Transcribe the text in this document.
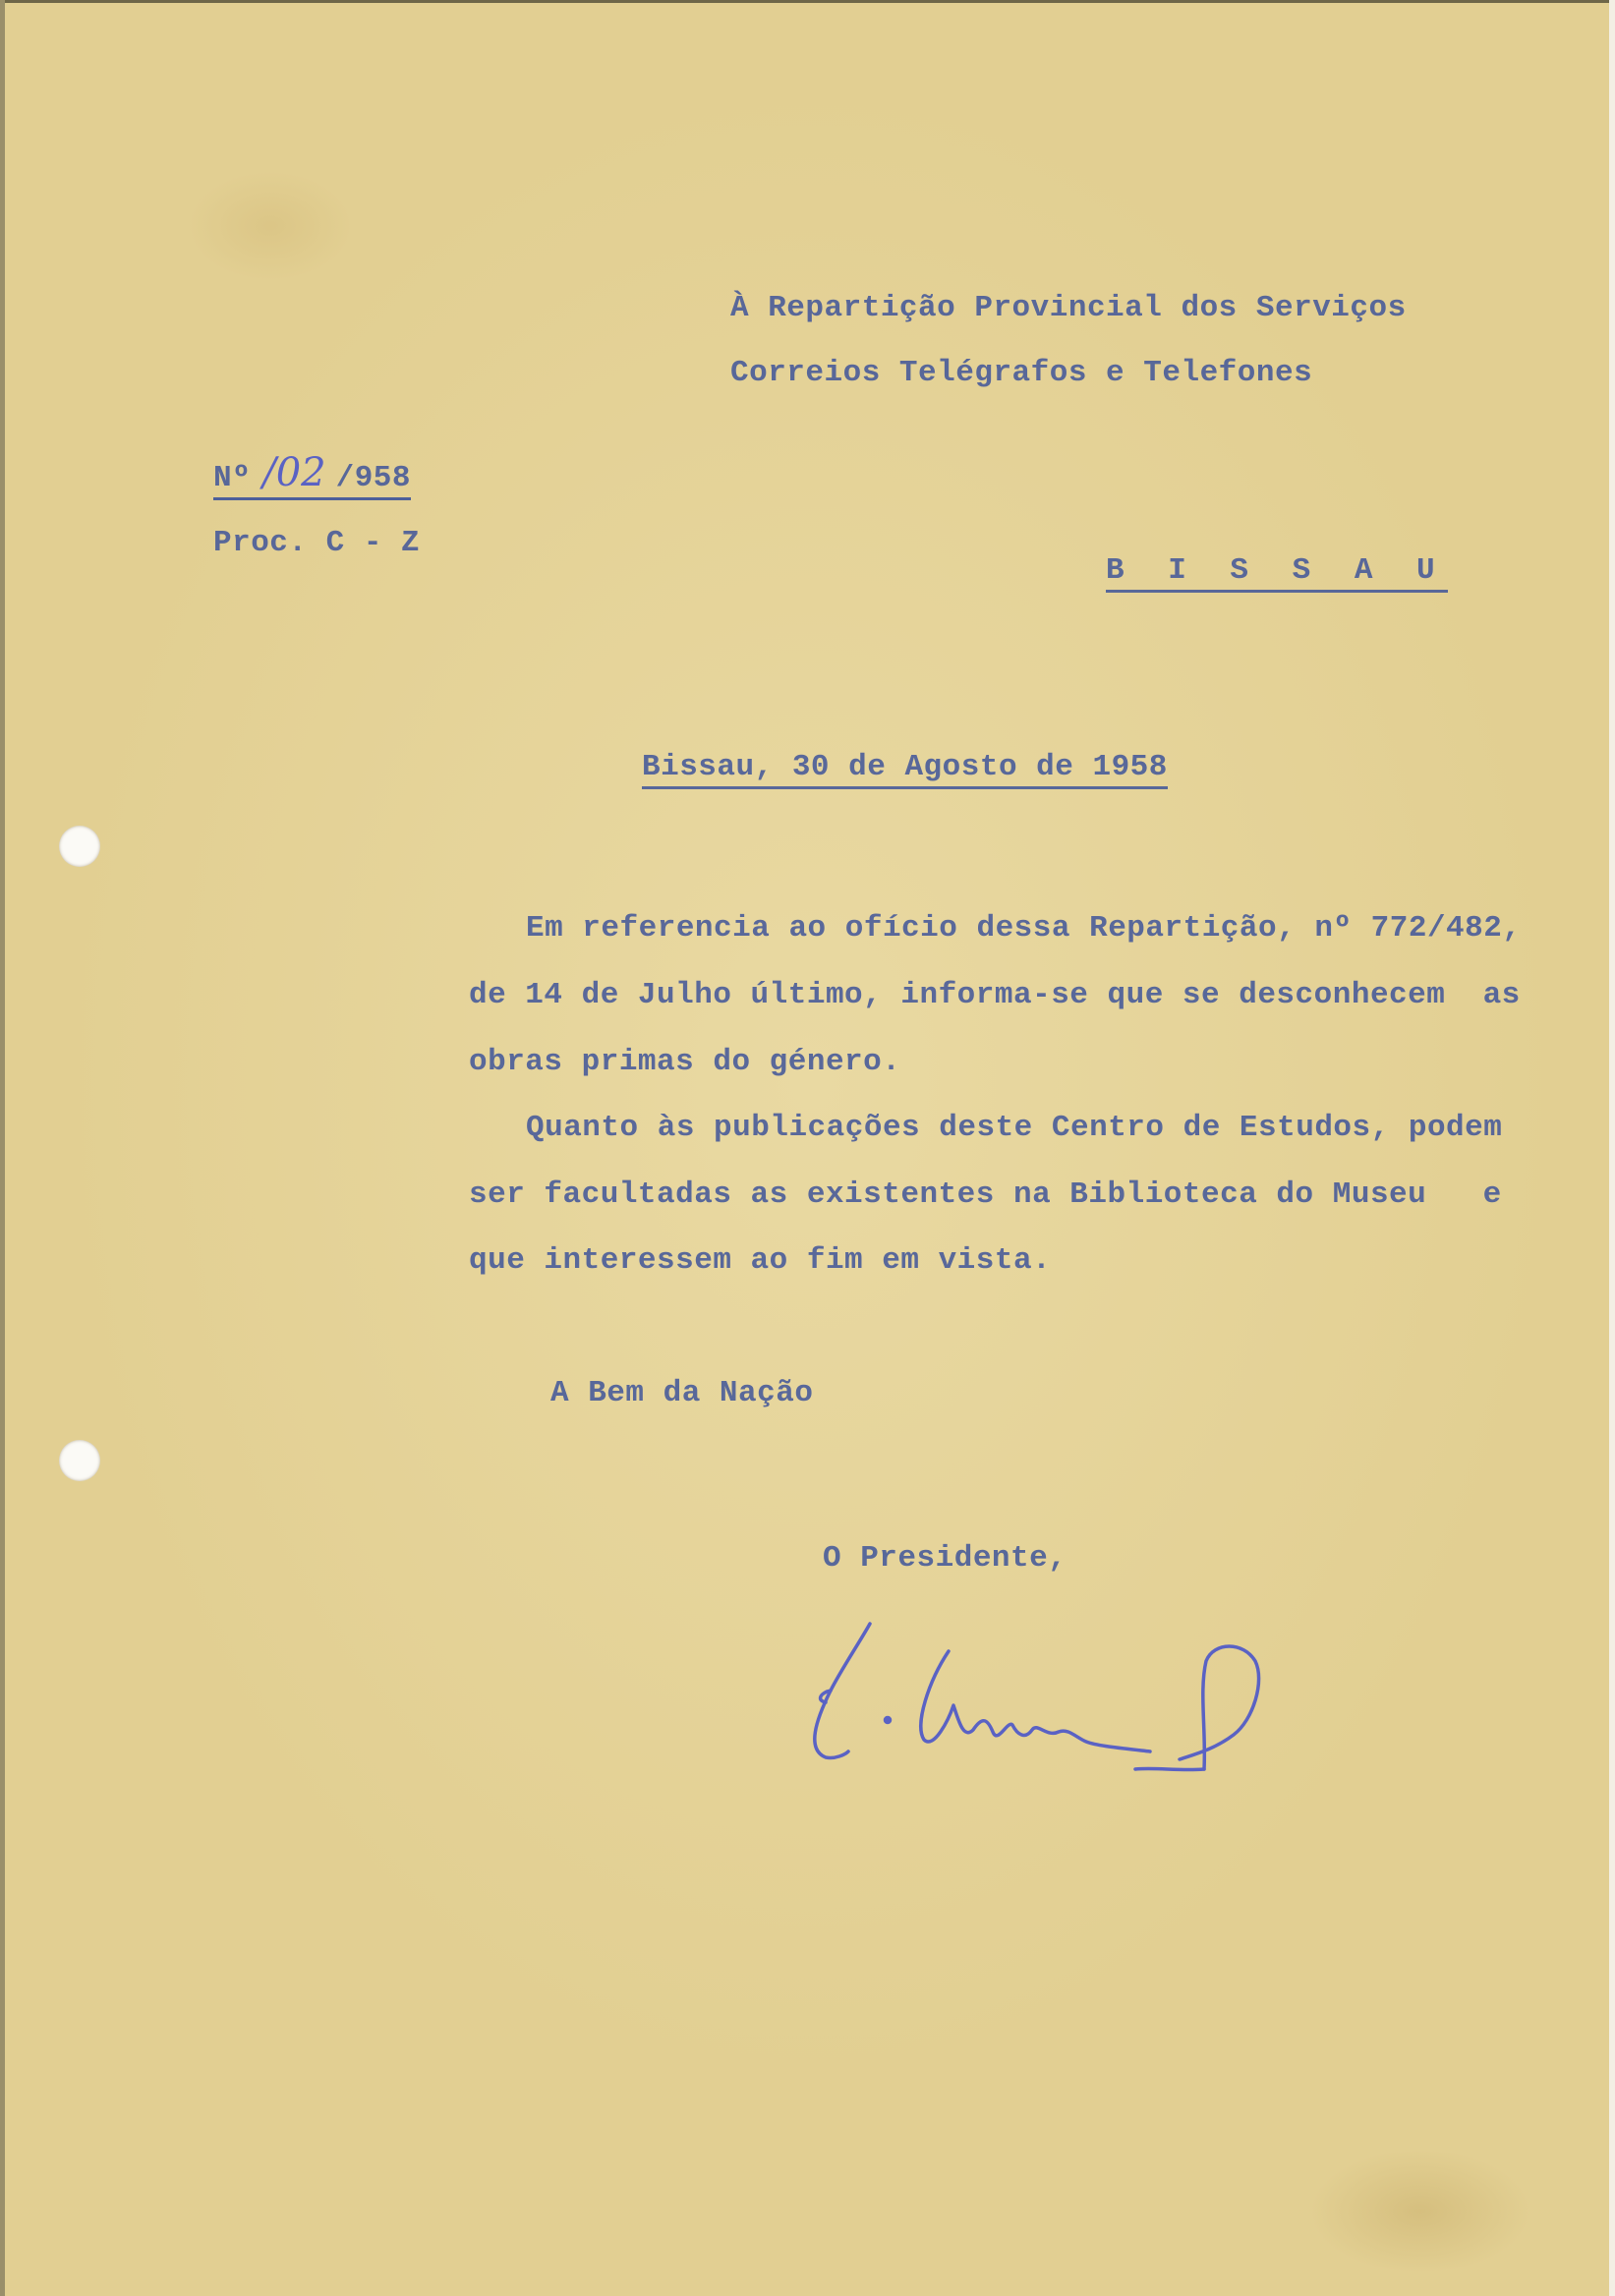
À Repartição Provincial dos Serviços

Correios Telégrafos e Telefones

B I S S A U

Nº /02 /958

Proc. C - Z

Bissau, 30 de Agosto de 1958

Em referencia ao ofício dessa Repartição, nº 772/482,

de 14 de Julho último, informa-se que se desconhecem  as

obras primas do género.

Quanto às publicações deste Centro de Estudos, podem

ser facultadas as existentes na Biblioteca do Museu   e

que interessem ao fim em vista.

A Bem da Nação

O Presidente,
